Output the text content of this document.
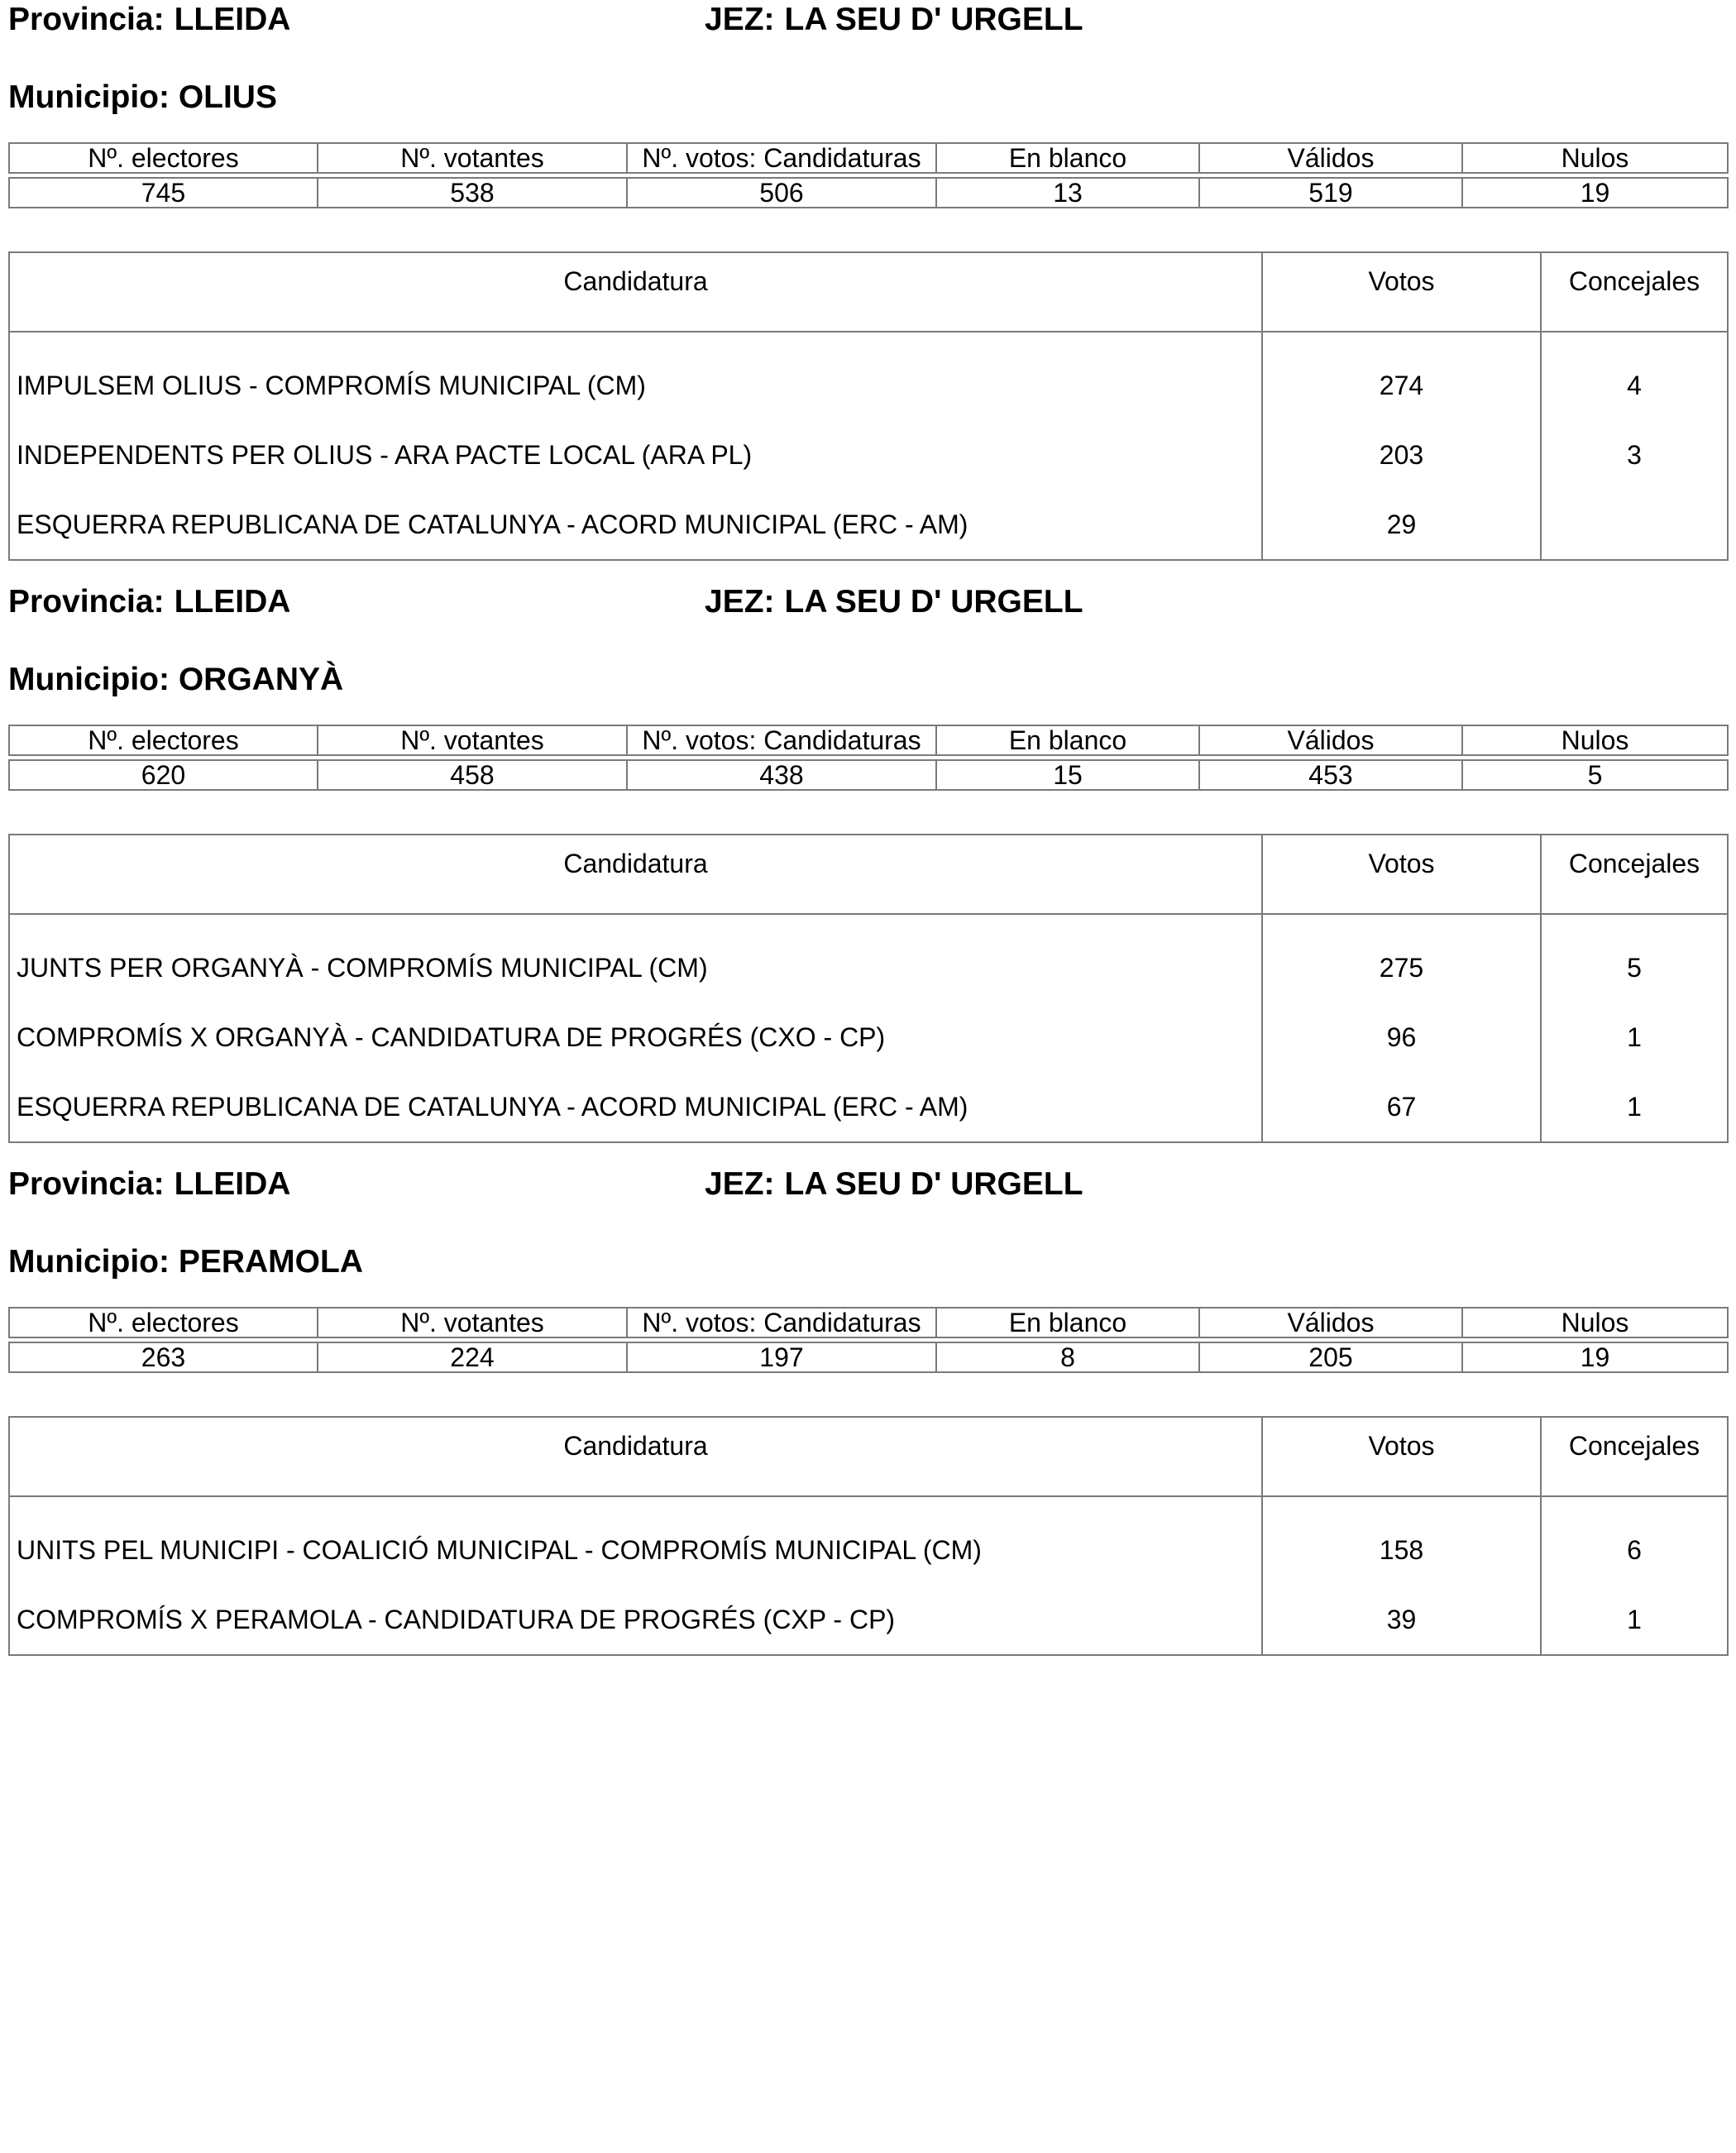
Provincia: LLEIDA	JEZ: LA SEU D' URGELL
Municipio: OLIUS
Nº. electores	Nº. votantes	Nº. votos: Candidaturas	En blanco	Válidos	Nulos

745	538	506	13	519	19
Candidatura	Votos	Concejales
IMPULSEM OLIUS - COMPROMÍS MUNICIPAL (CM)	274	4
INDEPENDENTS PER OLIUS - ARA PACTE LOCAL (ARA PL)	203	3
ESQUERRA REPUBLICANA DE CATALUNYA - ACORD MUNICIPAL (ERC - AM)	29	
Provincia: LLEIDA	JEZ: LA SEU D' URGELL
Municipio: ORGANYÀ
Nº. electores	Nº. votantes	Nº. votos: Candidaturas	En blanco	Válidos	Nulos

620	458	438	15	453	5
Candidatura	Votos	Concejales
JUNTS PER ORGANYÀ - COMPROMÍS MUNICIPAL (CM)	275	5
COMPROMÍS X ORGANYÀ - CANDIDATURA DE PROGRÉS (CXO - CP)	96	1
ESQUERRA REPUBLICANA DE CATALUNYA - ACORD MUNICIPAL (ERC - AM)	67	1
Provincia: LLEIDA	JEZ: LA SEU D' URGELL
Municipio: PERAMOLA
Nº. electores	Nº. votantes	Nº. votos: Candidaturas	En blanco	Válidos	Nulos

263	224	197	8	205	19
Candidatura	Votos	Concejales
UNITS PEL MUNICIPI - COALICIÓ MUNICIPAL - COMPROMÍS MUNICIPAL (CM)	158	6
COMPROMÍS X PERAMOLA - CANDIDATURA DE PROGRÉS (CXP - CP)	39	1
